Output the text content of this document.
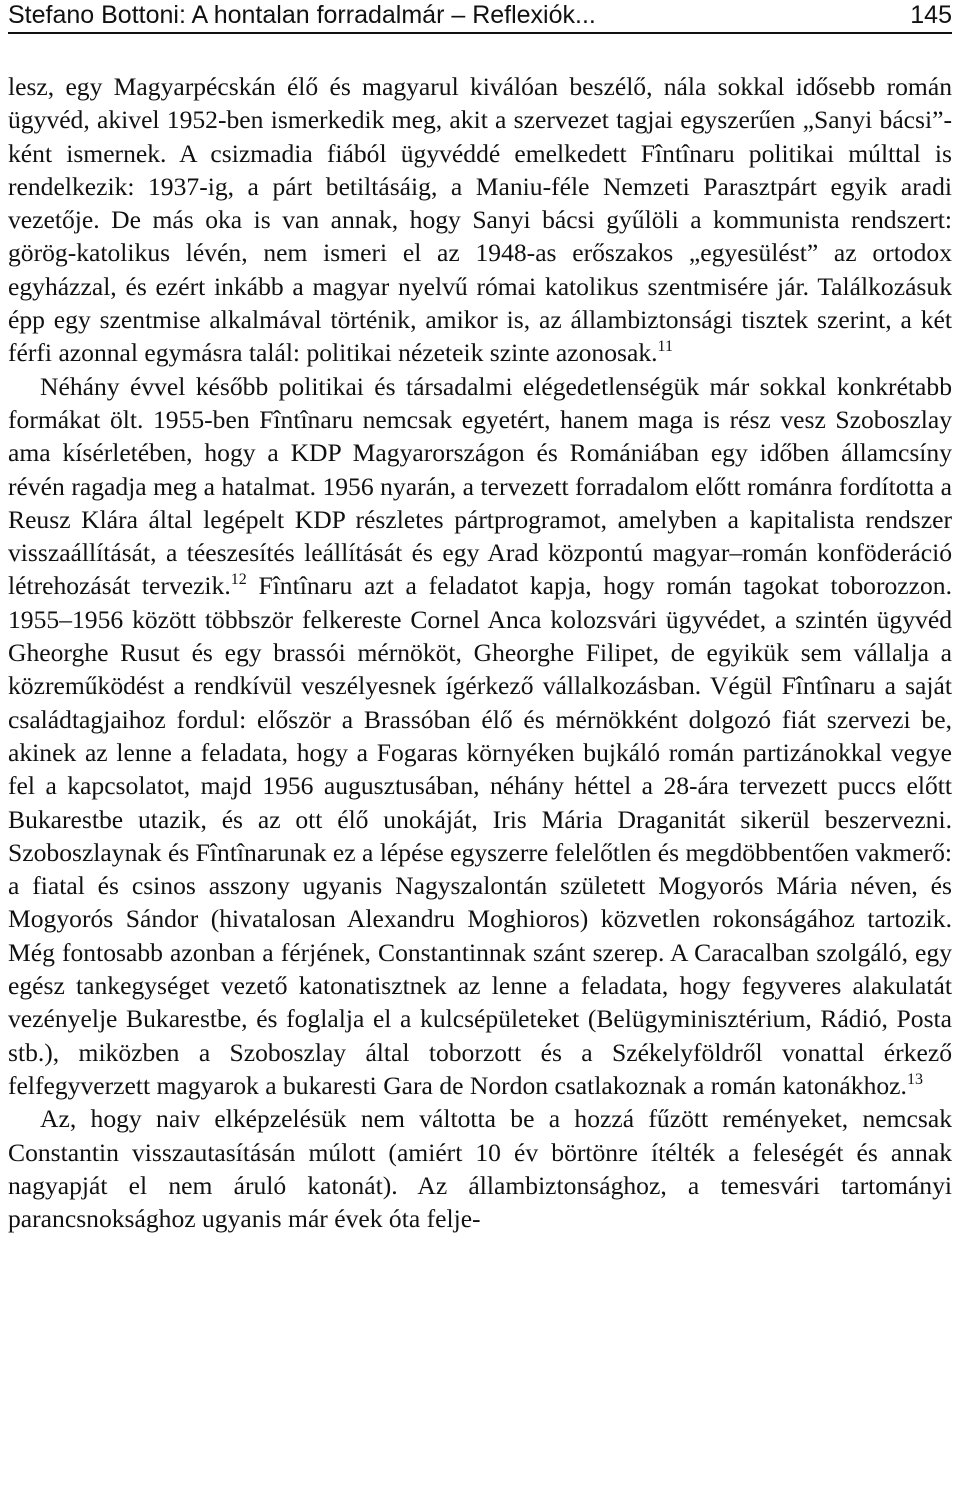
Stefano Bottoni: A hontalan forradalmár – Reflexiók...	145

lesz, egy Magyarpécskán élő és magyarul kiválóan beszélő, nála sokkal idősebb román ügyvéd, akivel 1952-ben ismerkedik meg, akit a szervezet tagjai egyszerűen „Sanyi bácsi”-ként ismernek. A csizmadia fiából ügyvéddé emelkedett Fîntînaru politikai múlttal is rendelkezik: 1937-ig, a párt betiltásáig, a Maniu-féle Nemzeti Parasztpárt egyik aradi vezetője. De más oka is van annak, hogy Sanyi bácsi gyűlöli a kommunista rendszert: görög-katolikus lévén, nem ismeri el az 1948-as erőszakos „egyesülést” az ortodox egyházzal, és ezért inkább a magyar nyelvű római katolikus szentmisére jár. Találkozásuk épp egy szentmise alkalmával történik, amikor is, az állambiztonsági tisztek szerint, a két férfi azonnal egymásra talál: politikai nézeteik szinte azonosak.$^{11}$

Néhány évvel később politikai és társadalmi elégedetlenségük már sokkal konkrétabb formákat ölt. 1955-ben Fîntînaru nemcsak egyetért, hanem maga is rész vesz Szoboszlay ama kísérletében, hogy a KDP Magyarországon és Romániában egy időben államcsíny révén ragadja meg a hatalmat. 1956 nyarán, a tervezett forradalom előtt románra fordította a Reusz Klára által legépelt KDP részletes pártprogramot, amelyben a kapitalista rendszer visszaállítását, a téeszesítés leállítását és egy Arad központú magyar–román konföderáció létrehozását tervezik.$^{12}$ Fîntînaru azt a feladatot kapja, hogy román tagokat toborozzon. 1955–1956 között többször felkereste Cornel Anca kolozsvári ügyvédet, a szintén ügyvéd Gheorghe Rusut és egy brassói mérnököt, Gheorghe Filipet, de egyikük sem vállalja a közreműködést a rendkívül veszélyesnek ígérkező vállalkozásban. Végül Fîntînaru a saját családtagjaihoz fordul: először a Brassóban élő és mérnökként dolgozó fiát szervezi be, akinek az lenne a feladata, hogy a Fogaras környéken bujkáló román partizánokkal vegye fel a kapcsolatot, majd 1956 augusztusában, néhány héttel a 28-ára tervezett puccs előtt Bukarestbe utazik, és az ott élő unokáját, Iris Mária Draganitát sikerül beszervezni. Szoboszlaynak és Fîntînarunak ez a lépése egyszerre felelőtlen és megdöbbentően vakmerő: a fiatal és csinos asszony ugyanis Nagyszalontán született Mogyorós Mária néven, és Mogyorós Sándor (hivatalosan Alexandru Moghioros) közvetlen rokonságához tartozik. Még fontosabb azonban a férjének, Constantinnak szánt szerep. A Caracalban szolgáló, egy egész tankegységet vezető katonatisztnek az lenne a feladata, hogy fegyveres alakulatát vezényelje Bukarestbe, és foglalja el a kulcsépületeket (Belügyminisztérium, Rádió, Posta stb.), miközben a Szoboszlay által toborzott és a Székelyföldről vonattal érkező felfegyverzett magyarok a bukaresti Gara de Nordon csatlakoznak a román katonákhoz.$^{13}$

Az, hogy naiv elképzelésük nem váltotta be a hozzá fűzött reményeket, nemcsak Constantin visszautasításán múlott (amiért 10 év börtönre ítélték a feleségét és annak nagyapját el nem áruló katonát). Az állambiztonsághoz, a temesvári tartományi parancsnoksághoz ugyanis már évek óta felje-
